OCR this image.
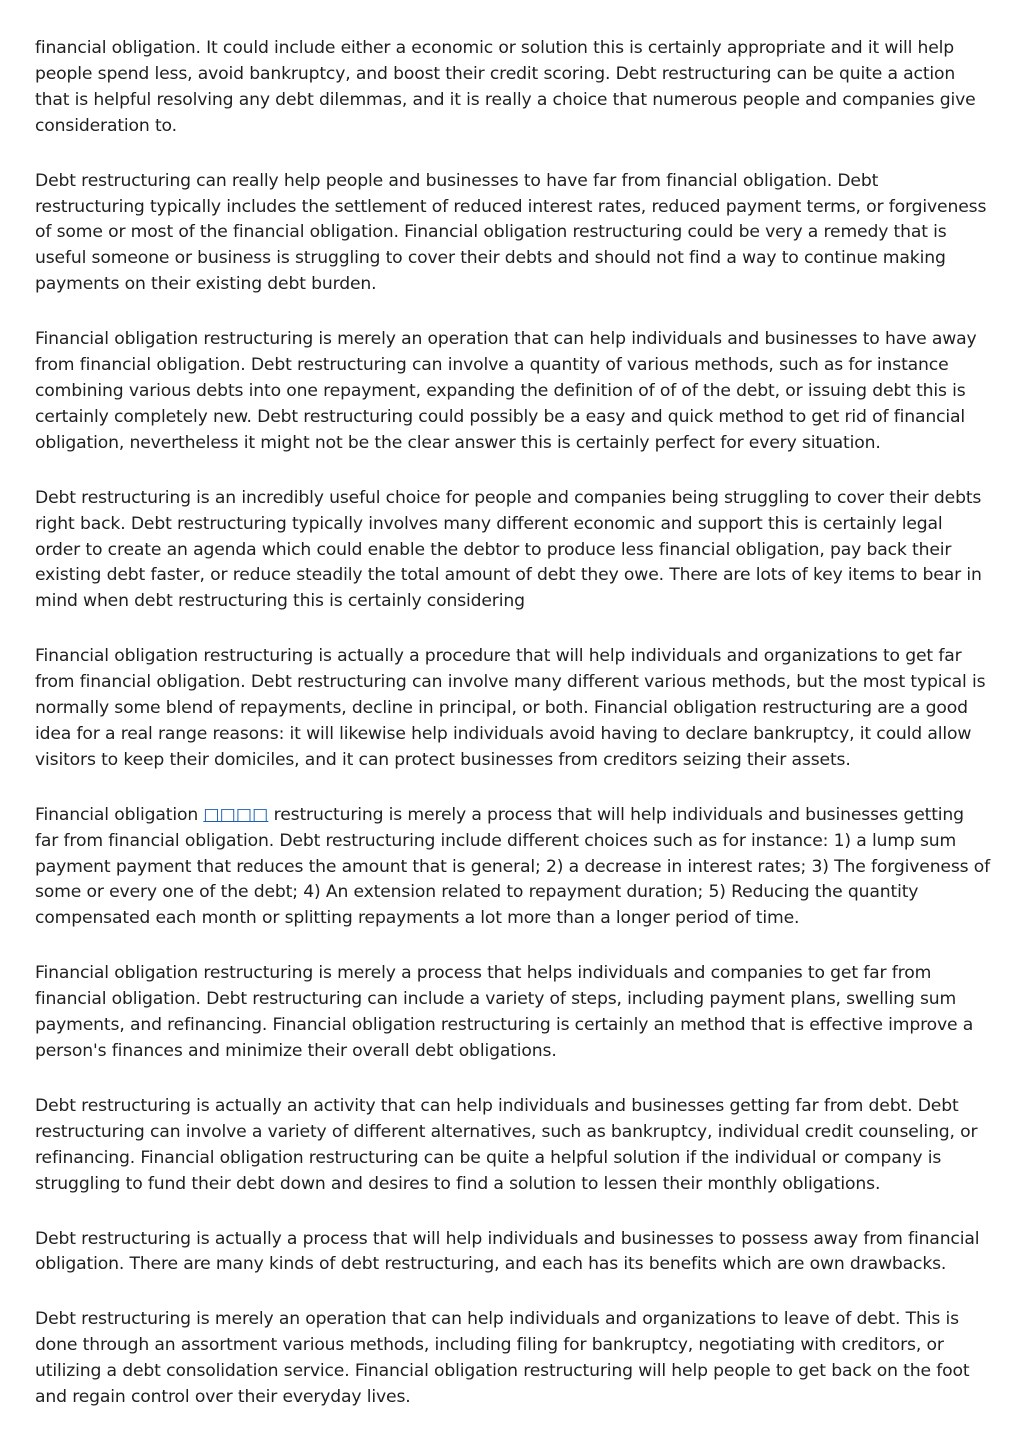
financial obligation. It could include either a economic or solution this is certainly appropriate and it will help people spend less, avoid bankruptcy, and boost their credit scoring. Debt restructuring can be quite a action that is helpful resolving any debt dilemmas, and it is really a choice that numerous people and companies give consideration to.

Debt restructuring can really help people and businesses to have far from financial obligation. Debt restructuring typically includes the settlement of reduced interest rates, reduced payment terms, or forgiveness of some or most of the financial obligation. Financial obligation restructuring could be very a remedy that is useful someone or business is struggling to cover their debts and should not find a way to continue making payments on their existing debt burden.

Financial obligation restructuring is merely an operation that can help individuals and businesses to have away from financial obligation. Debt restructuring can involve a quantity of various methods, such as for instance combining various debts into one repayment, expanding the definition of of of the debt, or issuing debt this is certainly completely new. Debt restructuring could possibly be a easy and quick method to get rid of financial obligation, nevertheless it might not be the clear answer this is certainly perfect for every situation.

Debt restructuring is an incredibly useful choice for people and companies being struggling to cover their debts right back. Debt restructuring typically involves many different economic and support this is certainly legal order to create an agenda which could enable the debtor to produce less financial obligation, pay back their existing debt faster, or reduce steadily the total amount of debt they owe. There are lots of key items to bear in mind when debt restructuring this is certainly considering

Financial obligation restructuring is actually a procedure that will help individuals and organizations to get far from financial obligation. Debt restructuring can involve many different various methods, but the most typical is normally some blend of repayments, decline in principal, or both. Financial obligation restructuring are a good idea for a real range reasons: it will likewise help individuals avoid having to declare bankruptcy, it could allow visitors to keep their domiciles, and it can protect businesses from creditors seizing their assets.

Financial obligation □□□□ restructuring is merely a process that will help individuals and businesses getting far from financial obligation. Debt restructuring include different choices such as for instance: 1) a lump sum payment payment that reduces the amount that is general; 2) a decrease in interest rates; 3) The forgiveness of some or every one of the debt; 4) An extension related to repayment duration; 5) Reducing the quantity compensated each month or splitting repayments a lot more than a longer period of time.

Financial obligation restructuring is merely a process that helps individuals and companies to get far from financial obligation. Debt restructuring can include a variety of steps, including payment plans, swelling sum payments, and refinancing. Financial obligation restructuring is certainly an method that is effective improve a person's finances and minimize their overall debt obligations.

Debt restructuring is actually an activity that can help individuals and businesses getting far from debt. Debt restructuring can involve a variety of different alternatives, such as bankruptcy, individual credit counseling, or refinancing. Financial obligation restructuring can be quite a helpful solution if the individual or company is struggling to fund their debt down and desires to find a solution to lessen their monthly obligations.

Debt restructuring is actually a process that will help individuals and businesses to possess away from financial obligation. There are many kinds of debt restructuring, and each has its benefits which are own drawbacks.

Debt restructuring is merely an operation that can help individuals and organizations to leave of debt. This is done through an assortment various methods, including filing for bankruptcy, negotiating with creditors, or utilizing a debt consolidation service. Financial obligation restructuring will help people to get back on the foot and regain control over their everyday lives.
